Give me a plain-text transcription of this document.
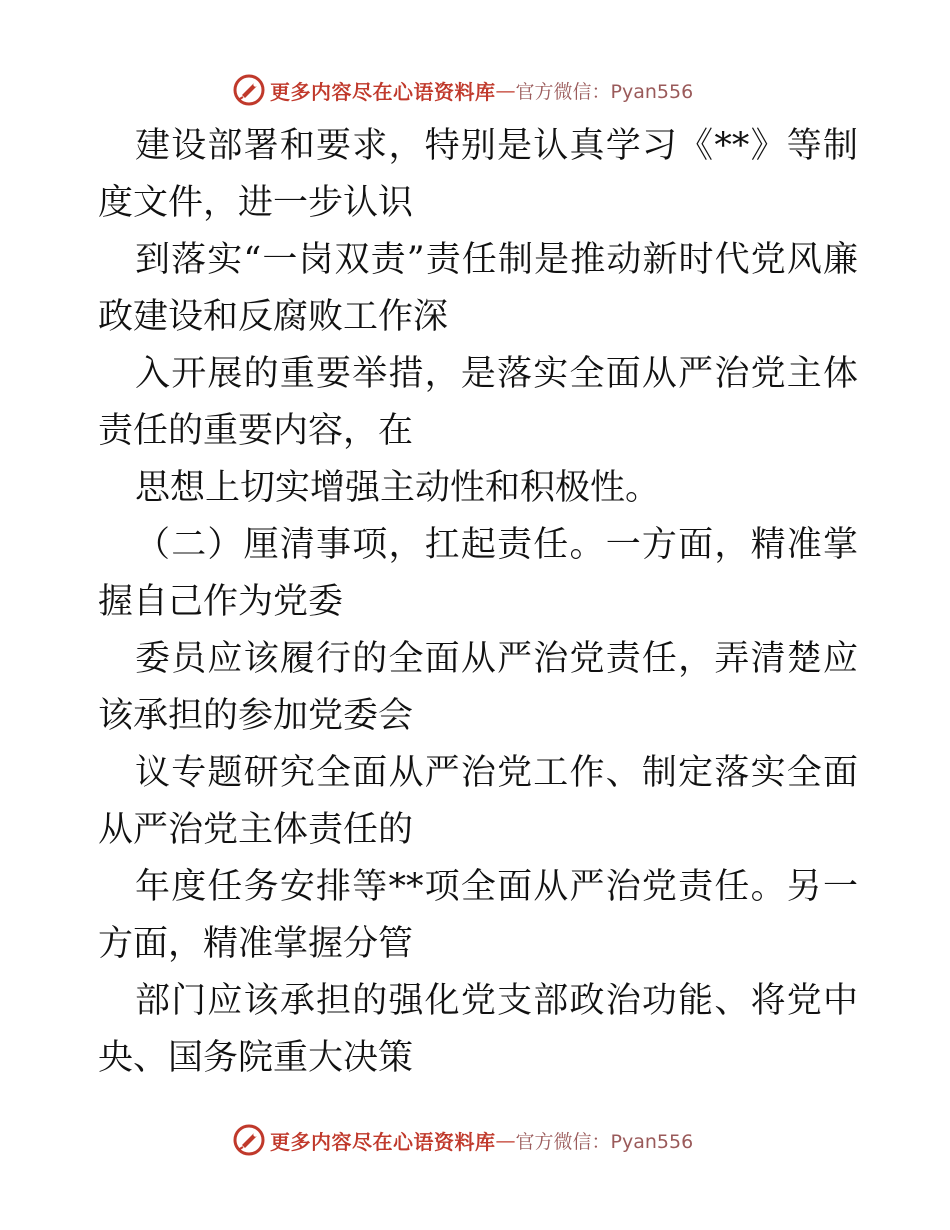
更多内容尽在心语资料库 — 官方微信：Pyan556

建设部署和要求，特别是认真学习《**》等制度文件，进一步认识

到落实“一岗双责”责任制是推动新时代党风廉政建设和反腐败工作深

入开展的重要举措，是落实全面从严治党主体责任的重要内容，在

思想上切实增强主动性和积极性。

（二）厘清事项，扛起责任。一方面，精准掌握自己作为党委

委员应该履行的全面从严治党责任，弄清楚应该承担的参加党委会

议专题研究全面从严治党工作、制定落实全面从严治党主体责任的

年度任务安排等**项全面从严治党责任。另一方面，精准掌握分管

部门应该承担的强化党支部政治功能、将党中央、国务院重大决策

更多内容尽在心语资料库 — 官方微信：Pyan556
